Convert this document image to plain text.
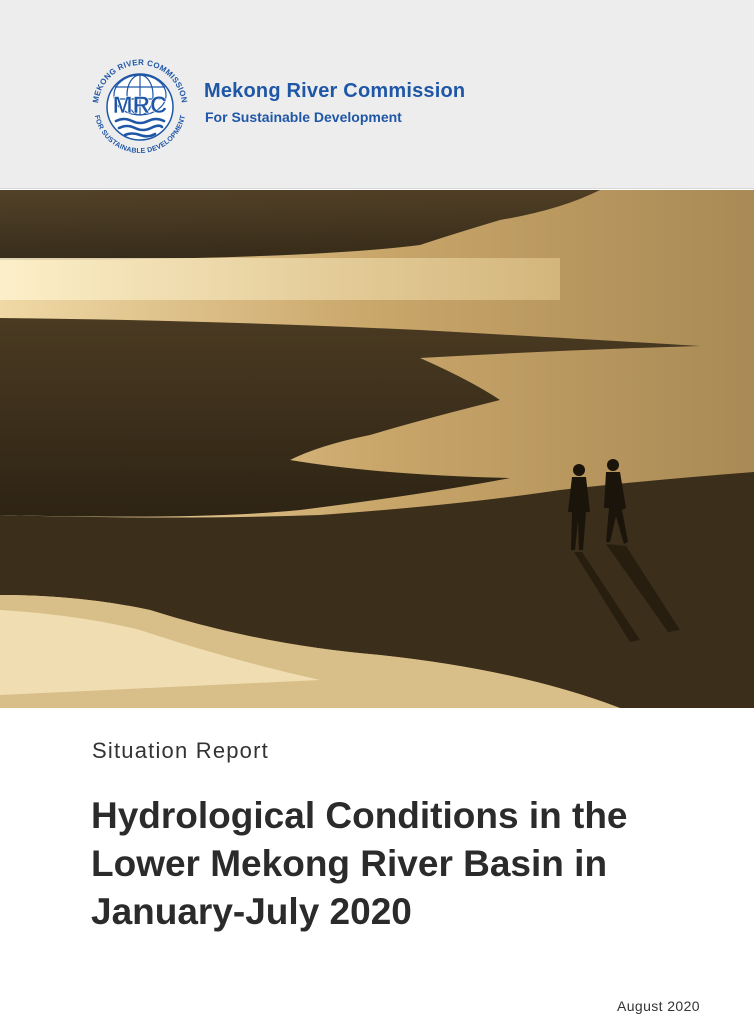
MRC
MEKONG RIVER COMMISSION
FOR SUSTAINABLE DEVELOPMENT
Mekong River Commission
For Sustainable Development
Situation Report
Hydrological Conditions in the
Lower Mekong River Basin in
January-July 2020
August 2020
